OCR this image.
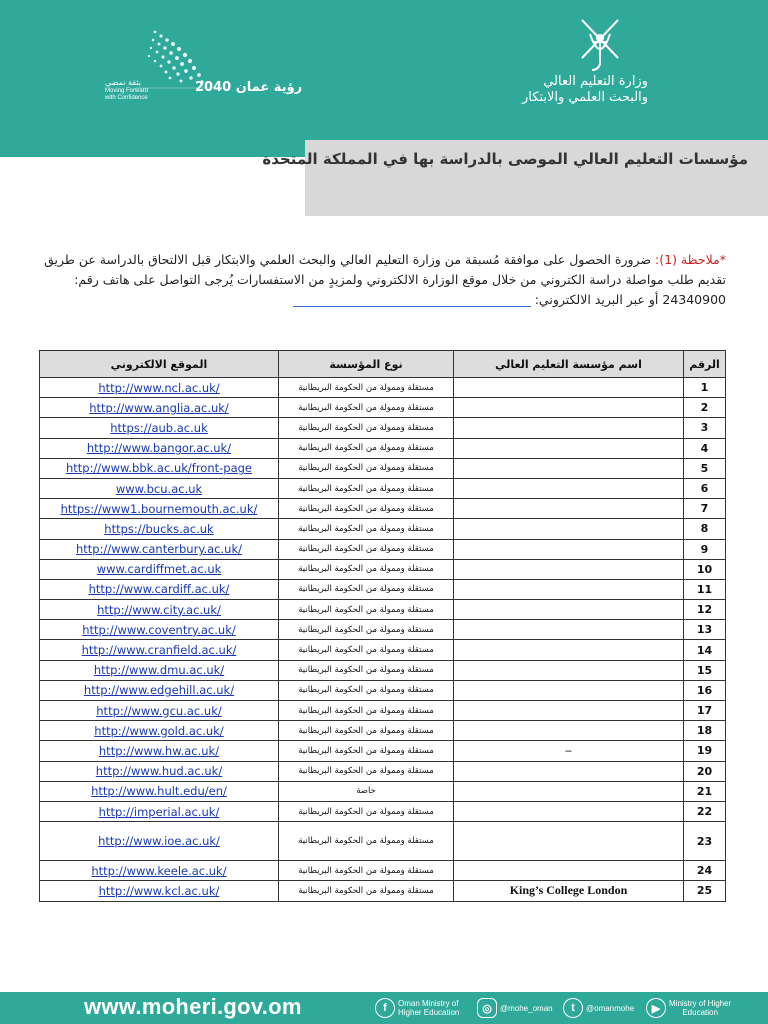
رؤية عمان 2040
بثقة نمضي
Moving Forward
with Confidence
وزارة التعليم العالي
والبحث العلمي والابتكار
مؤسسات التعليم العالي الموصى بالدراسة بها في المملكة المتحدة
*ملاحظة (1): ضرورة الحصول على موافقة مُسبقة من وزارة التعليم العالي والبحث العلمي والابتكار قبل الالتحاق بالدراسة عن طريق تقديم طلب مواصلة دراسة الكتروني من خلال موقع الوزارة الالكتروني ولمزيدٍ من الاستفسارات يُرجى التواصل على هاتف رقم: 24340900 أو عبر البريد الالكتروني:
الرقم	اسم مؤسسة التعليم العالي	نوع المؤسسة	الموقع الالكتروني
1		مستقلة وممولة من الحكومة البريطانية	http://www.ncl.ac.uk/
2		مستقلة وممولة من الحكومة البريطانية	http://www.anglia.ac.uk/
3		مستقلة وممولة من الحكومة البريطانية	https://aub.ac.uk
4		مستقلة وممولة من الحكومة البريطانية	http://www.bangor.ac.uk/
5		مستقلة وممولة من الحكومة البريطانية	http://www.bbk.ac.uk/front-page
6		مستقلة وممولة من الحكومة البريطانية	www.bcu.ac.uk
7		مستقلة وممولة من الحكومة البريطانية	https://www1.bournemouth.ac.uk/
8		مستقلة وممولة من الحكومة البريطانية	https://bucks.ac.uk
9		مستقلة وممولة من الحكومة البريطانية	http://www.canterbury.ac.uk/
10		مستقلة وممولة من الحكومة البريطانية	www.cardiffmet.ac.uk
11		مستقلة وممولة من الحكومة البريطانية	http://www.cardiff.ac.uk/
12		مستقلة وممولة من الحكومة البريطانية	http://www.city.ac.uk/
13		مستقلة وممولة من الحكومة البريطانية	http://www.coventry.ac.uk/
14		مستقلة وممولة من الحكومة البريطانية	http://www.cranfield.ac.uk/
15		مستقلة وممولة من الحكومة البريطانية	http://www.dmu.ac.uk/
16		مستقلة وممولة من الحكومة البريطانية	http://www.edgehill.ac.uk/
17		مستقلة وممولة من الحكومة البريطانية	http://www.gcu.ac.uk/
18		مستقلة وممولة من الحكومة البريطانية	http://www.gold.ac.uk/
19	–	مستقلة وممولة من الحكومة البريطانية	http://www.hw.ac.uk/
20		مستقلة وممولة من الحكومة البريطانية	http://www.hud.ac.uk/
21		خاصة	http://www.hult.edu/en/
22		مستقلة وممولة من الحكومة البريطانية	http://imperial.ac.uk/
23		مستقلة وممولة من الحكومة البريطانية	http://www.ioe.ac.uk/
24		مستقلة وممولة من الحكومة البريطانية	http://www.keele.ac.uk/
25	King’s College London	مستقلة وممولة من الحكومة البريطانية	http://www.kcl.ac.uk/
www.moheri.gov.om	f	Oman Ministry of
Higher Education	◎	@mohe_oman	t	@omanmohe	▶	Ministry of Higher
Education
